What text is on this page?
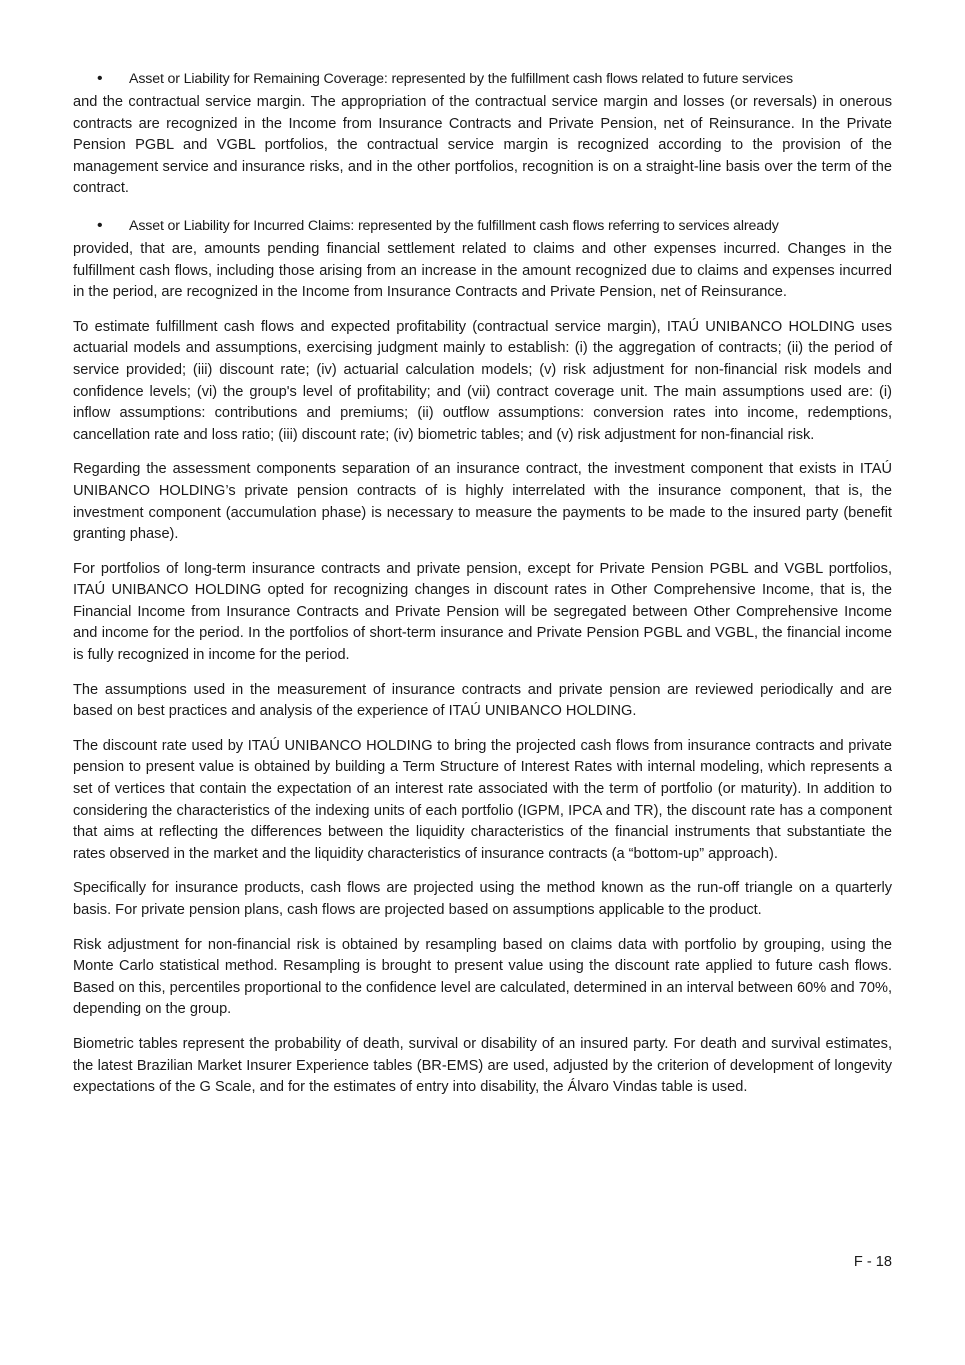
• Asset or Liability for Remaining Coverage: represented by the fulfillment cash flows related to future services
and the contractual service margin. The appropriation of the contractual service margin and losses (or reversals) in onerous contracts are recognized in the Income from Insurance Contracts and Private Pension, net of Reinsurance. In the Private Pension PGBL and VGBL portfolios, the contractual service margin is recognized according to the provision of the management service and insurance risks, and in the other portfolios, recognition is on a straight-line basis over the term of the contract.
• Asset or Liability for Incurred Claims: represented by the fulfillment cash flows referring to services already
provided, that are, amounts pending financial settlement related to claims and other expenses incurred. Changes in the fulfillment cash flows, including those arising from an increase in the amount recognized due to claims and expenses incurred in the period, are recognized in the Income from Insurance Contracts and Private Pension, net of Reinsurance.

To estimate fulfillment cash flows and expected profitability (contractual service margin), ITAÚ UNIBANCO HOLDING uses actuarial models and assumptions, exercising judgment mainly to establish: (i) the aggregation of contracts; (ii) the period of service provided; (iii) discount rate; (iv) actuarial calculation models; (v) risk adjustment for non-financial risk models and confidence levels; (vi) the group's level of profitability; and (vii) contract coverage unit. The main assumptions used are: (i) inflow assumptions: contributions and premiums; (ii) outflow assumptions: conversion rates into income, redemptions, cancellation rate and loss ratio; (iii) discount rate; (iv) biometric tables; and (v) risk adjustment for non-financial risk.

Regarding the assessment components separation of an insurance contract, the investment component that exists in ITAÚ UNIBANCO HOLDING’s private pension contracts of is highly interrelated with the insurance component, that is, the investment component (accumulation phase) is necessary to measure the payments to be made to the insured party (benefit granting phase).

For portfolios of long-term insurance contracts and private pension, except for Private Pension PGBL and VGBL portfolios, ITAÚ UNIBANCO HOLDING opted for recognizing changes in discount rates in Other Comprehensive Income, that is, the Financial Income from Insurance Contracts and Private Pension will be segregated between Other Comprehensive Income and income for the period. In the portfolios of short-term insurance and Private Pension PGBL and VGBL, the financial income is fully recognized in income for the period.

The assumptions used in the measurement of insurance contracts and private pension are reviewed periodically and are based on best practices and analysis of the experience of ITAÚ UNIBANCO HOLDING.

The discount rate used by ITAÚ UNIBANCO HOLDING to bring the projected cash flows from insurance contracts and private pension to present value is obtained by building a Term Structure of Interest Rates with internal modeling, which represents a set of vertices that contain the expectation of an interest rate associated with the term of portfolio (or maturity). In addition to considering the characteristics of the indexing units of each portfolio (IGPM, IPCA and TR), the discount rate has a component that aims at reflecting the differences between the liquidity characteristics of the financial instruments that substantiate the rates observed in the market and the liquidity characteristics of insurance contracts (a “bottom-up” approach).

Specifically for insurance products, cash flows are projected using the method known as the run-off triangle on a quarterly basis. For private pension plans, cash flows are projected based on assumptions applicable to the product.

Risk adjustment for non-financial risk is obtained by resampling based on claims data with portfolio by grouping, using the Monte Carlo statistical method. Resampling is brought to present value using the discount rate applied to future cash flows. Based on this, percentiles proportional to the confidence level are calculated, determined in an interval between 60% and 70%, depending on the group.

Biometric tables represent the probability of death, survival or disability of an insured party. For death and survival estimates, the latest Brazilian Market Insurer Experience tables (BR-EMS) are used, adjusted by the criterion of development of longevity expectations of the G Scale, and for the estimates of entry into disability, the Álvaro Vindas table is used.

F - 18
